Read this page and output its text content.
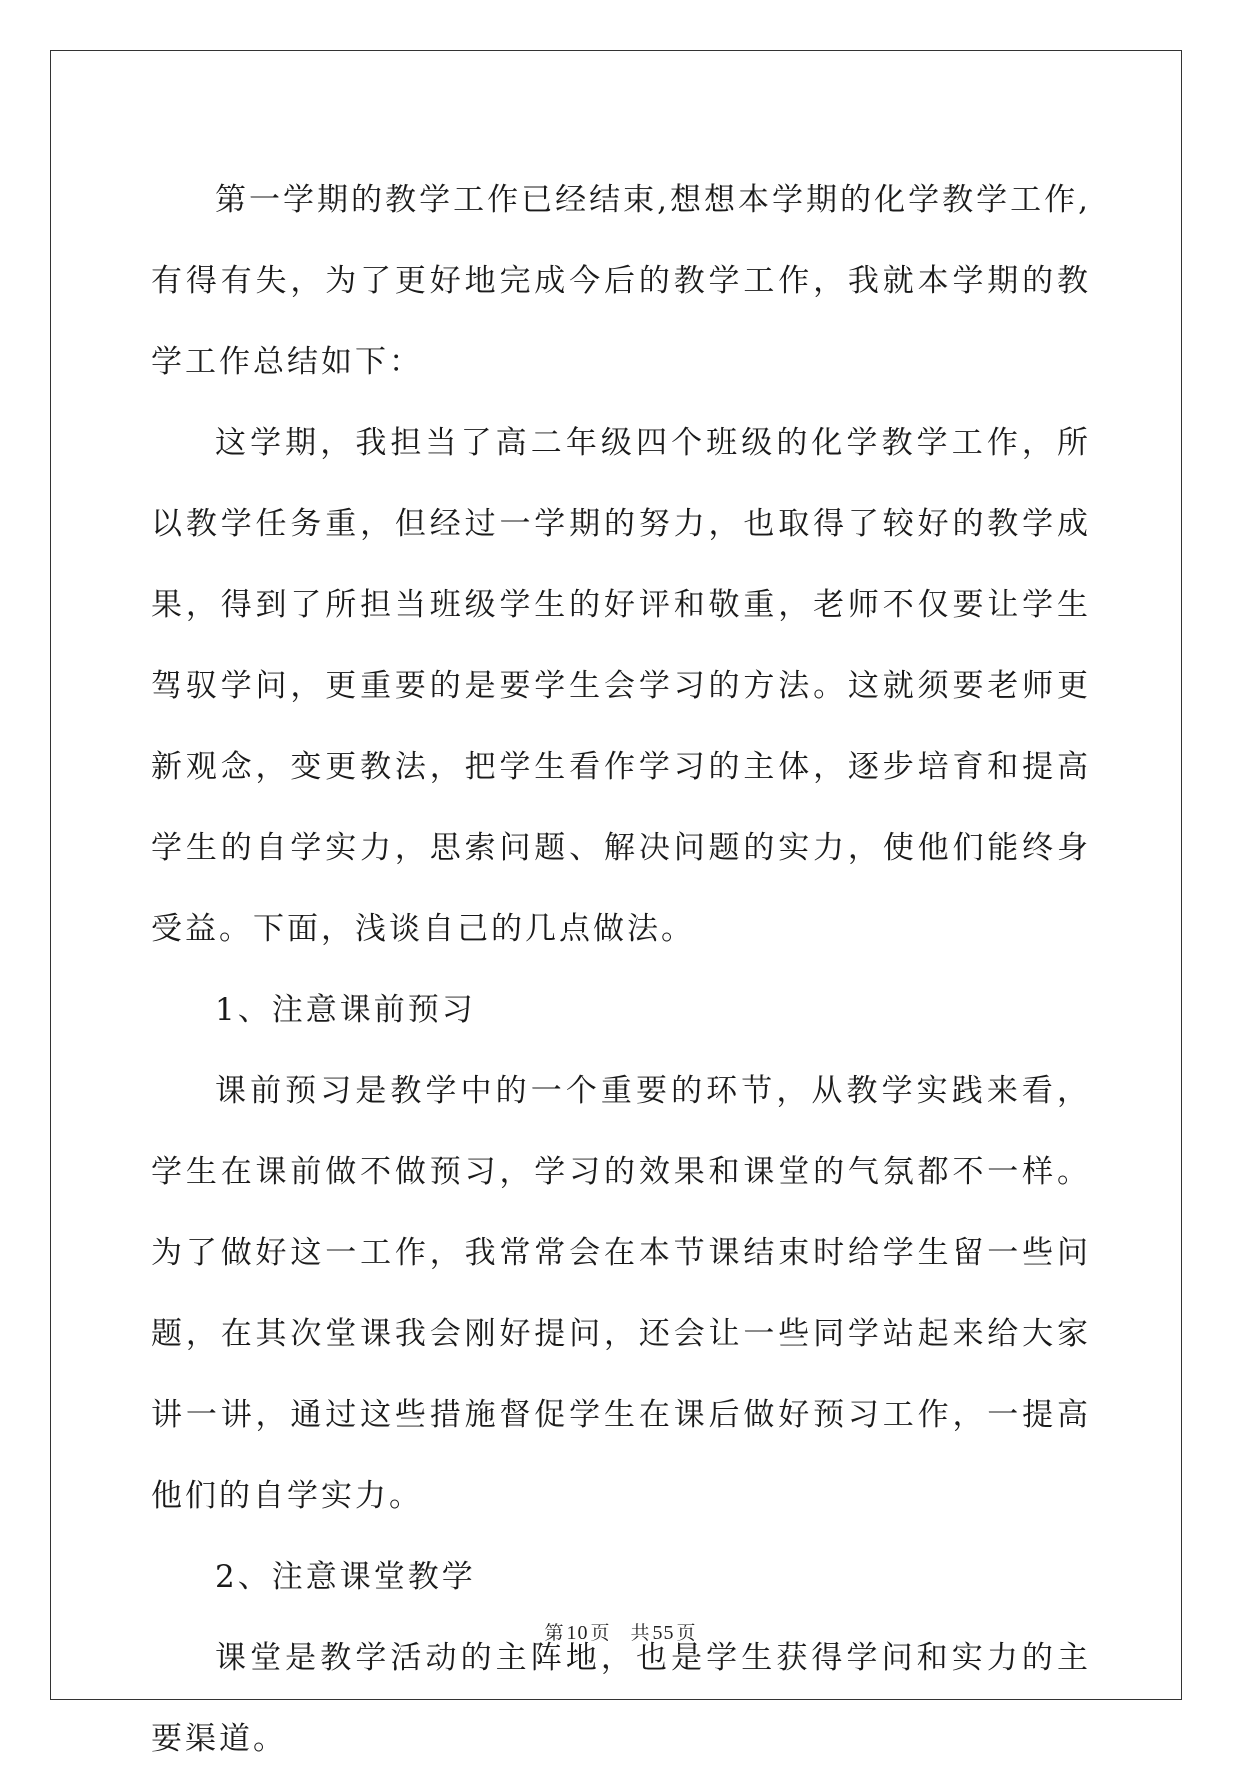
第一学期的教学工作已经结束,想想本学期的化学教学工作,有得有失，为了更好地完成今后的教学工作，我就本学期的教学工作总结如下：

这学期，我担当了高二年级四个班级的化学教学工作，所以教学任务重，但经过一学期的努力，也取得了较好的教学成果，得到了所担当班级学生的好评和敬重，老师不仅要让学生驾驭学问，更重要的是要学生会学习的方法。这就须要老师更新观念，变更教法，把学生看作学习的主体，逐步培育和提高学生的自学实力，思索问题、解决问题的实力，使他们能终身受益。下面，浅谈自己的几点做法。

1、注意课前预习

课前预习是教学中的一个重要的环节，从教学实践来看，学生在课前做不做预习，学习的效果和课堂的气氛都不一样。为了做好这一工作，我常常会在本节课结束时给学生留一些问题，在其次堂课我会刚好提问，还会让一些同学站起来给大家讲一讲，通过这些措施督促学生在课后做好预习工作，一提高他们的自学实力。

2、注意课堂教学

课堂是教学活动的主阵地，也是学生获得学问和实力的主要渠道。

第 10 页 共 55 页
